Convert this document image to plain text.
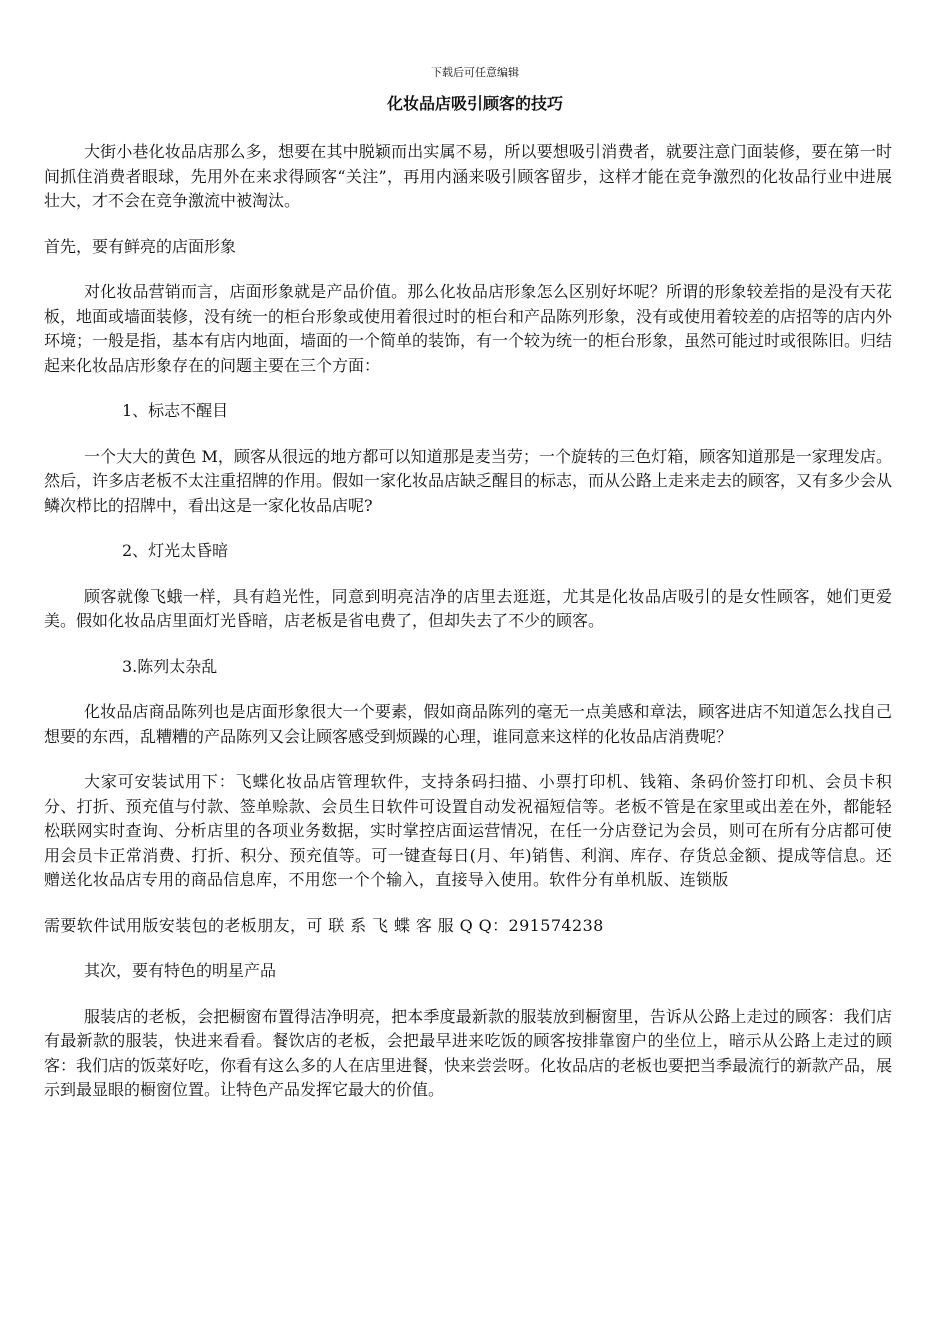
下载后可任意编辑
化妆品店吸引顾客的技巧

大街小巷化妆品店那么多，想要在其中脱颖而出实属不易，所以要想吸引消费者，就要注意门面装修，要在第一时间抓住消费者眼球，先用外在来求得顾客“关注”，再用内涵来吸引顾客留步，这样才能在竞争激烈的化妆品行业中进展壮大，才不会在竞争激流中被淘汰。

首先，要有鲜亮的店面形象

对化妆品营销而言，店面形象就是产品价值。那么化妆品店形象怎么区别好坏呢？所谓的形象较差指的是没有天花板，地面或墙面装修，没有统一的柜台形象或使用着很过时的柜台和产品陈列形象，没有或使用着较差的店招等的店内外环境；一般是指，基本有店内地面，墙面的一个简单的装饰，有一个较为统一的柜台形象，虽然可能过时或很陈旧。归结起来化妆品店形象存在的问题主要在三个方面：

1、标志不醒目

一个大大的黄色 M，顾客从很远的地方都可以知道那是麦当劳；一个旋转的三色灯箱，顾客知道那是一家理发店。然后，许多店老板不太注重招牌的作用。假如一家化妆品店缺乏醒目的标志，而从公路上走来走去的顾客，又有多少会从鳞次栉比的招牌中，看出这是一家化妆品店呢?

2、灯光太昏暗

顾客就像飞蛾一样，具有趋光性，同意到明亮洁净的店里去逛逛，尤其是化妆品店吸引的是女性顾客，她们更爱美。假如化妆品店里面灯光昏暗，店老板是省电费了，但却失去了不少的顾客。

3.陈列太杂乱

化妆品店商品陈列也是店面形象很大一个要素，假如商品陈列的毫无一点美感和章法，顾客进店不知道怎么找自己想要的东西，乱糟糟的产品陈列又会让顾客感受到烦躁的心理，谁同意来这样的化妆品店消费呢？

大家可安装试用下：飞蝶化妆品店管理软件，支持条码扫描、小票打印机、钱箱、条码价签打印机、会员卡积分、打折、预充值与付款、签单赊款、会员生日软件可设置自动发祝福短信等。老板不管是在家里或出差在外，都能轻松联网实时查询、分析店里的各项业务数据，实时掌控店面运营情况，在任一分店登记为会员，则可在所有分店都可使用会员卡正常消费、打折、积分、预充值等。可一键查每日(月、年)销售、利润、库存、存货总金额、提成等信息。还赠送化妆品店专用的商品信息库，不用您一个个输入，直接导入使用。软件分有单机版、连锁版

需要软件试用版安装包的老板朋友，可 联 系 飞 蝶 客 服 Q Q：291574238
其次，要有特色的明星产品

服装店的老板，会把橱窗布置得洁净明亮，把本季度最新款的服装放到橱窗里，告诉从公路上走过的顾客：我们店有最新款的服装，快进来看看。餐饮店的老板，会把最早进来吃饭的顾客按排靠窗户的坐位上，暗示从公路上走过的顾客：我们店的饭菜好吃，你看有这么多的人在店里进餐，快来尝尝呀。化妆品店的老板也要把当季最流行的新款产品，展示到最显眼的橱窗位置。让特色产品发挥它最大的价值。
